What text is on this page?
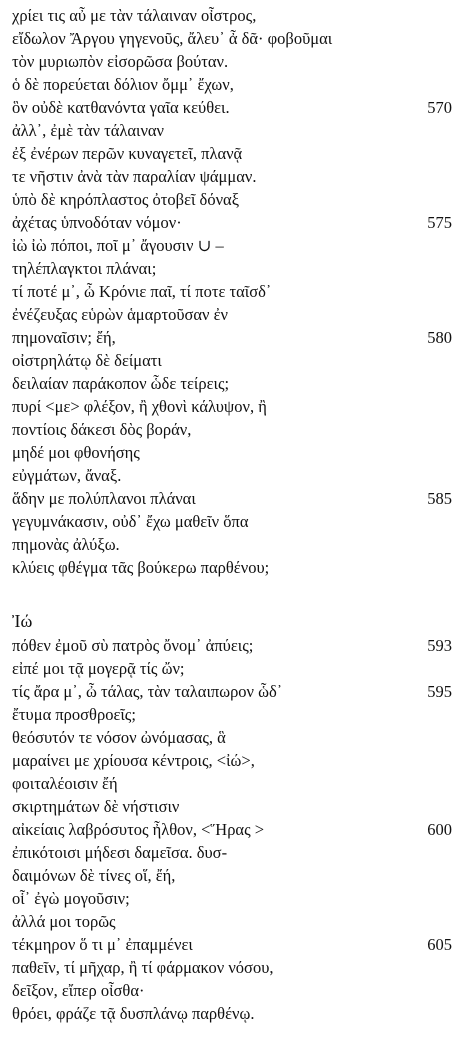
χρίει τις αὖ με τὰν τάλαιναν οἶστρος,
εἴδωλον Ἄργου γηγενοῦς, ἄλευ᾽ ἆ δᾶ· φοβοῦμαι
τὸν μυριωπὸν εἰσορῶσα βούταν.
ὁ δὲ πορεύεται δόλιον ὄμμ᾽ ἔχων,
ὃν οὐδὲ κατθανόντα γαῖα κεύθει.	570
ἀλλ᾽, ἐμὲ τὰν τάλαιναν
ἐξ ἐνέρων περῶν κυναγετεῖ, πλανᾷ
τε νῆστιν ἀνὰ τὰν παραλίαν ψάμμαν.
ὑπὸ δὲ κηρόπλαστος ὀτοβεῖ δόναξ
ἀχέτας ὑπνοδόταν νόμον·	575
ἰὼ ἰὼ πόποι, ποῖ μ᾽ ἄγουσιν ∪ –
τηλέπλαγκτοι πλάναι;
τί ποτέ μ᾽, ὦ Κρόνιε παῖ, τί ποτε ταῖσδ᾽
ἐνέζευξας εὑρὼν ἁμαρτοῦσαν ἐν
πημοναῖσιν; ἔή,	580
οἰστρηλάτῳ δὲ δείματι
δειλαίαν παράκοπον ὧδε τείρεις;
πυρί <με> φλέξον, ἢ χθονὶ κάλυψον, ἢ
ποντίοις δάκεσι δὸς βοράν,
μηδέ μοι φθονήσης
εὐγμάτων, ἄναξ.
ἅδην με πολύπλανοι πλάναι	585
γεγυμνάκασιν, οὐδ᾽ ἔχω μαθεῖν ὅπα
πημονὰς ἀλύξω.
κλύεις φθέγμα τᾶς βούκερω παρθένου;
Ἰώ
πόθεν ἐμοῦ σὺ πατρὸς ὄνομ᾽ ἀπύεις;	593
εἰπέ μοι τᾷ μογερᾷ τίς ὤν;
τίς ἄρα μ᾽, ὦ τάλας, τὰν ταλαιπωρον ὧδ᾽	595
ἔτυμα προσθροεῖς;
θεόσυτόν τε νόσον ὠνόμασας, ἃ
μαραίνει με χρίουσα κέντροις, <ἰώ>,
φοιταλέοισιν ἔή
σκιρτημάτων δὲ νήστισιν
αἰκείαις λαβρόσυτος ἦλθον, <Ἥρας >	600
ἐπικότοισι μήδεσι δαμεῖσα. δυσ-
δαιμόνων δὲ τίνες οἵ, ἔή,
οἷ᾽ ἐγὼ μογοῦσιν;
ἀλλά μοι τορῶς
τέκμηρον ὅ τι μ᾽ ἐπαμμένει	605
παθεῖν, τί μῆχαρ, ἢ τί φάρμακον νόσου,
δεῖξον, εἴπερ οἶσθα·
θρόει, φράζε τᾷ δυσπλάνῳ παρθένῳ.
